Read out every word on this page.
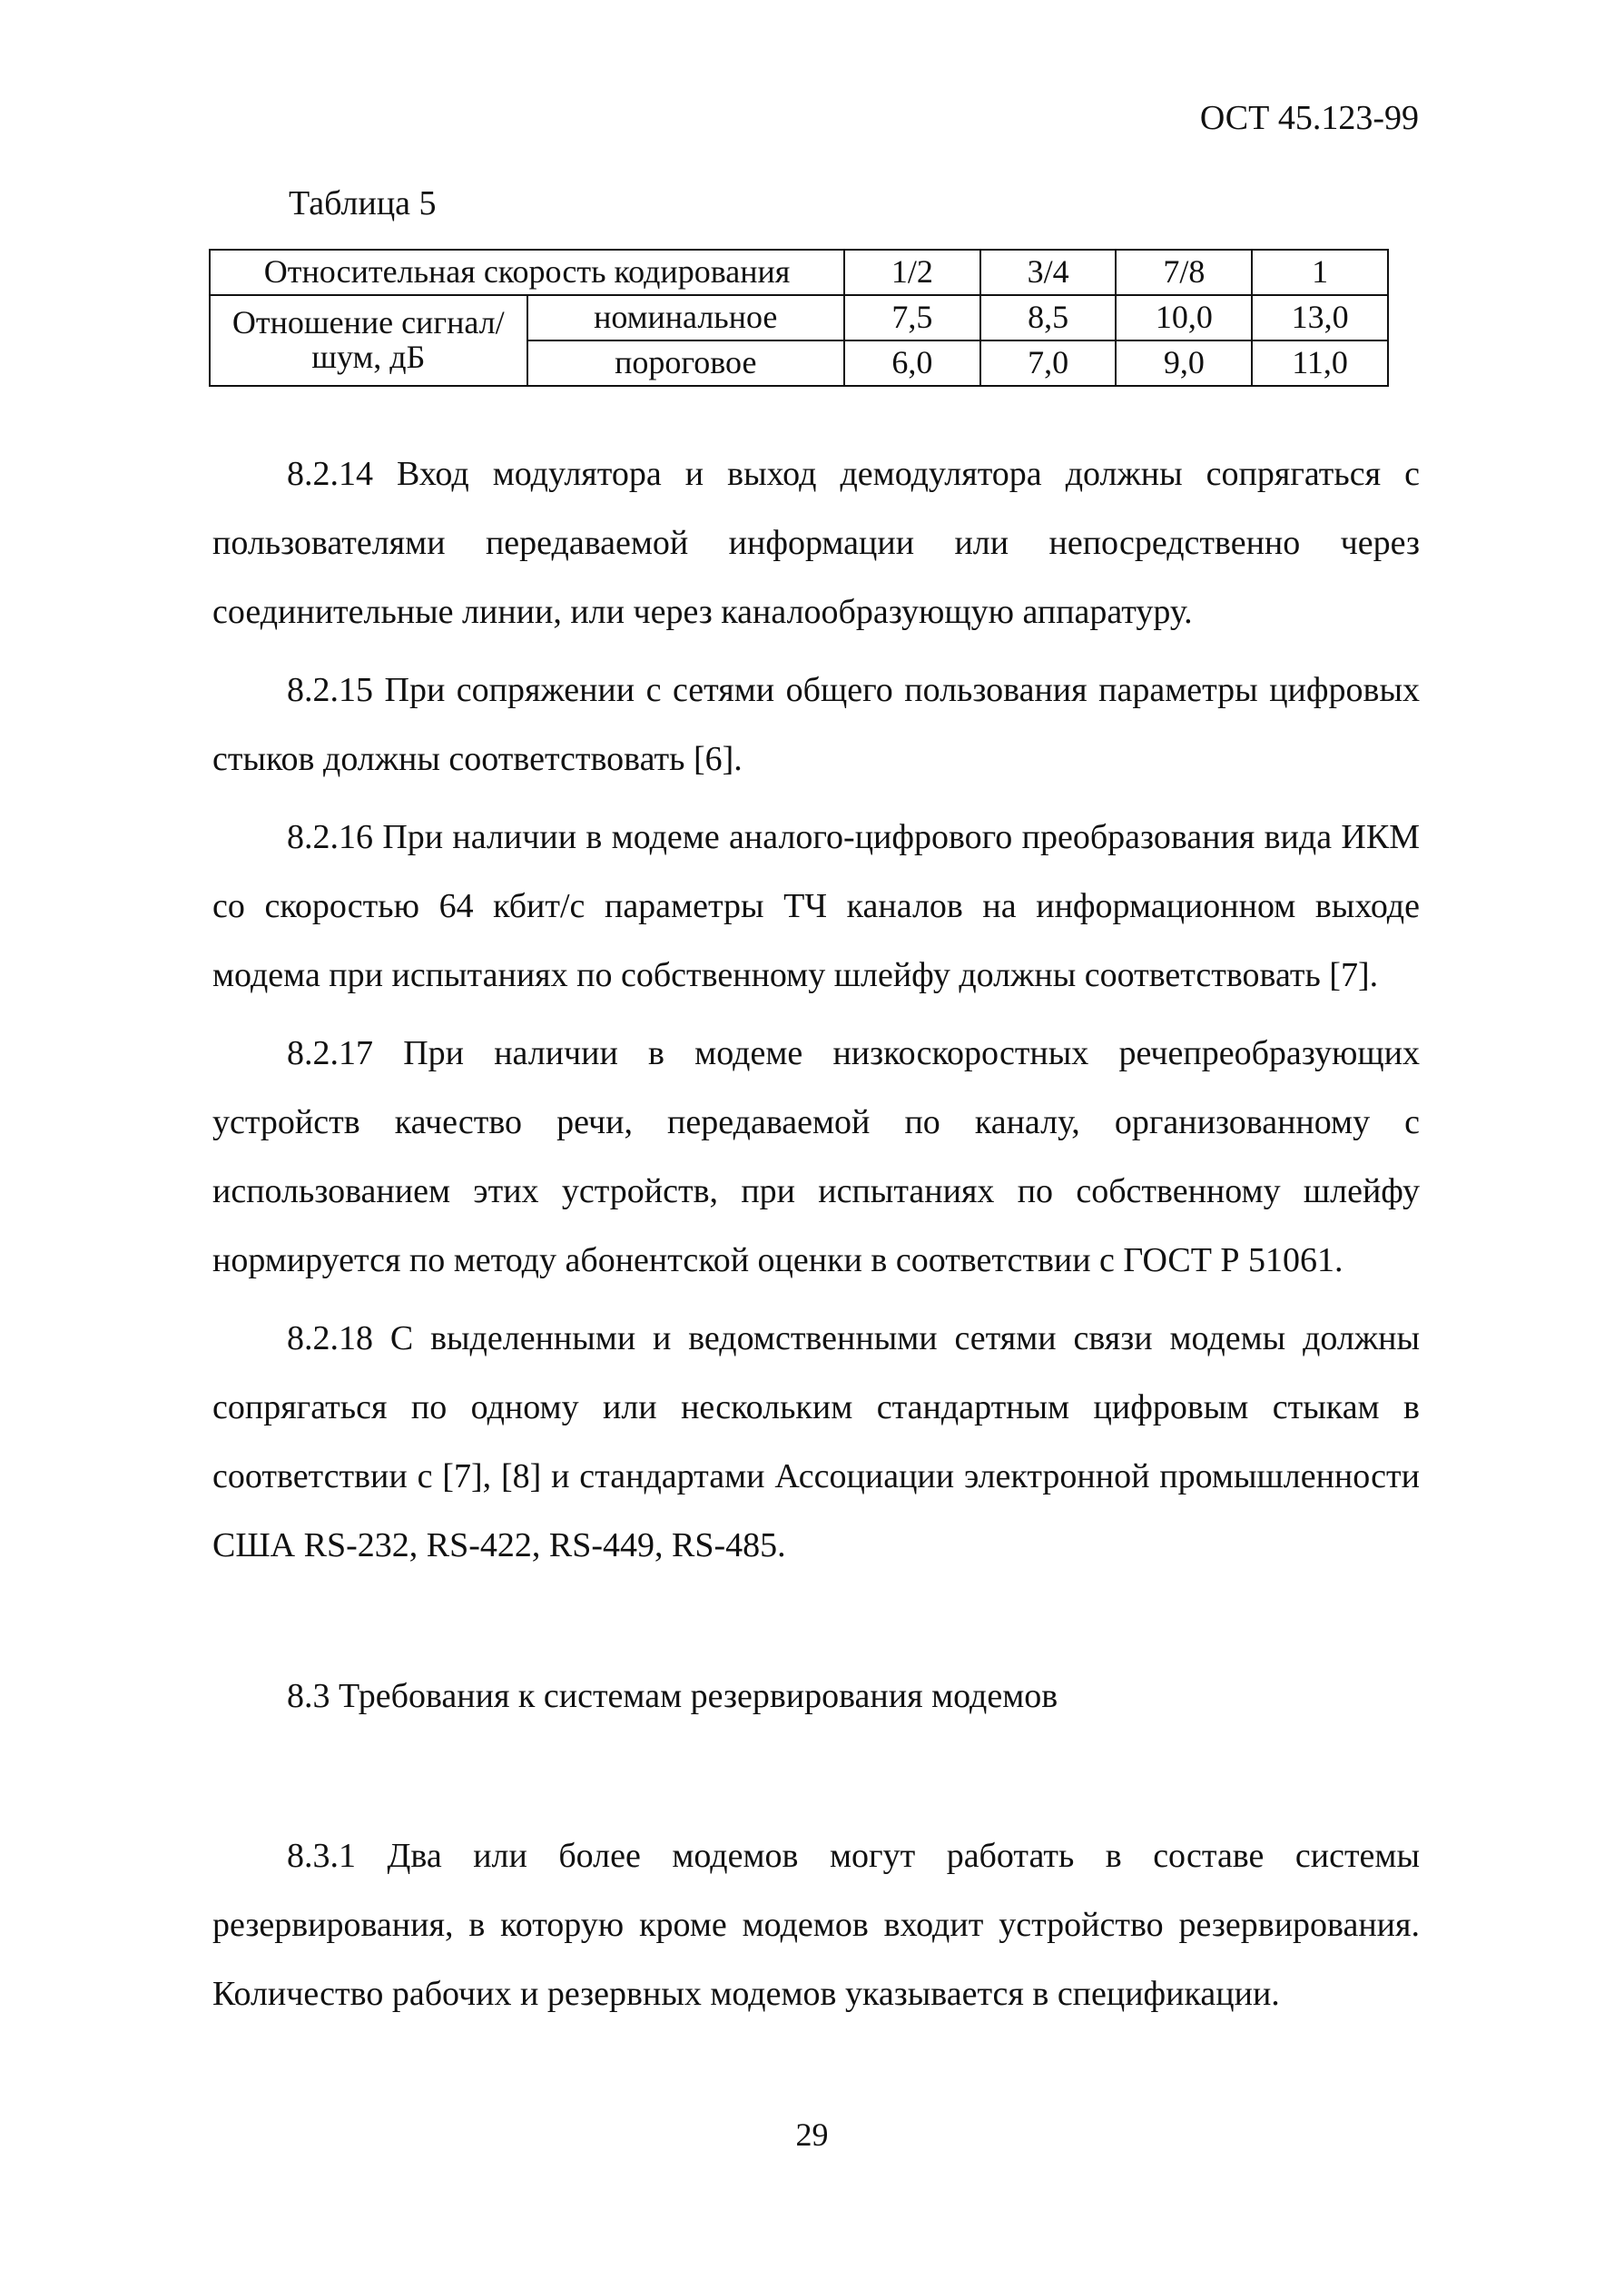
ОСТ 45.123-99
Таблица 5
Относительная скорость кодирования		1/2	3/4	7/8	1
Отношение сигнал/шум, дБ	номинальное	7,5	8,5	10,0	13,0
	пороговое	6,0	7,0	9,0	11,0

8.2.14 Вход модулятора и выход демодулятора должны сопрягаться с пользователями передаваемой информации или непосредственно через соединительные линии, или через каналообразующую аппаратуру.

8.2.15 При сопряжении с сетями общего пользования параметры цифровых стыков должны соответствовать [6].

8.2.16 При наличии в модеме аналого-цифрового преобразования вида ИКМ со скоростью 64 кбит/с параметры ТЧ каналов на информационном выходе модема при испытаниях по собственному шлейфу должны соответствовать [7].

8.2.17 При наличии в модеме низкоскоростных речепреобразующих устройств качество речи, передаваемой по каналу, организованному с использованием этих устройств, при испытаниях по собственному шлейфу нормируется по методу абонентской оценки в соответствии с ГОСТ Р 51061.

8.2.18 С выделенными и ведомственными сетями связи модемы должны сопрягаться по одному или нескольким стандартным цифровым стыкам в соответствии с [7], [8] и стандартами Ассоциации электронной промышленности США RS-232, RS-422, RS-449, RS-485.

8.3 Требования к системам резервирования модемов

8.3.1 Два или более модемов могут работать в составе системы резервирования, в которую кроме модемов входит устройство резервирования. Количество рабочих и резервных модемов указывается в спецификации.

29
